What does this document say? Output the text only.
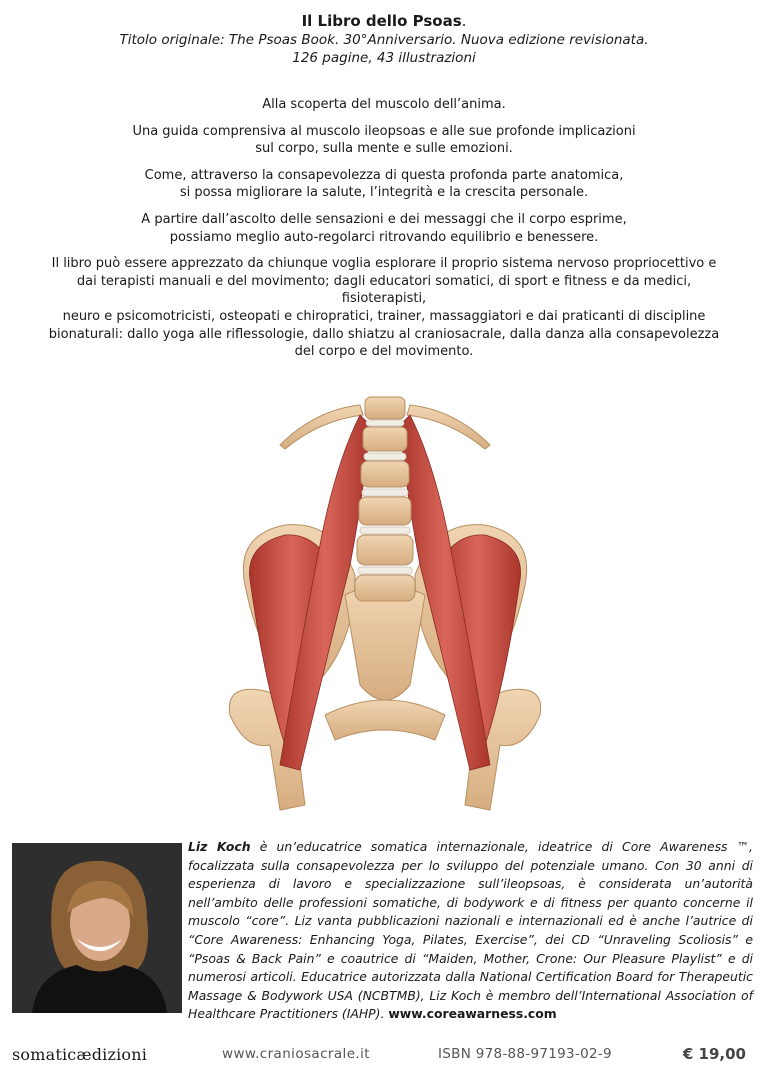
Il Libro dello Psoas.
Titolo originale: The Psoas Book. 30°Anniversario. Nuova edizione revisionata.
126 pagine, 43 illustrazioni

Alla scoperta del muscolo dell’anima.

Una guida comprensiva al muscolo ileopsoas e alle sue profonde implicazioni
sul corpo, sulla mente e sulle emozioni.

Come, attraverso la consapevolezza di questa profonda parte anatomica,
si possa migliorare la salute, l’integrità e la crescita personale.

A partire dall’ascolto delle sensazioni e dei messaggi che il corpo esprime,
possiamo meglio auto-regolarci ritrovando equilibrio e benessere.

Il libro può essere apprezzato da chiunque voglia esplorare il proprio sistema nervoso propriocettivo e
dai terapisti manuali e del movimento; dagli educatori somatici, di sport e fitness e da medici, fisioterapisti,
neuro e psicomotricisti, osteopati e chiropratici, trainer, massaggiatori e dai praticanti di discipline
bionaturali: dallo yoga alle riflessologie, dallo shiatzu al craniosacrale, dalla danza alla consapevolezza
del corpo e del movimento.

Liz Koch è un’educatrice somatica internazionale, ideatrice di Core Awareness ™, focalizzata sulla consapevolezza per lo sviluppo del potenziale umano. Con 30 anni di esperienza di lavoro e specializzazione sull’ileopsoas, è considerata un’autorità nell’ambito delle professioni somatiche, di bodywork e di fitness per quanto concerne il muscolo “core”. Liz vanta pubblicazioni nazionali e internazionali ed è anche l’autrice di “Core Awareness: Enhancing Yoga, Pilates, Exercise”, dei CD “Unraveling Scoliosis” e “Psoas & Back Pain” e coautrice di “Maiden, Mother, Crone: Our Pleasure Playlist” e di numerosi articoli. Educatrice autorizzata dalla National Certification Board for Therapeutic Massage & Bodywork USA (NCBTMB), Liz Koch è membro dell’International Association of Healthcare Practitioners (IAHP). www.coreawarness.com
somaticædizioni	www.craniosacrale.it	ISBN 978-88-97193-02-9	€ 19,00
